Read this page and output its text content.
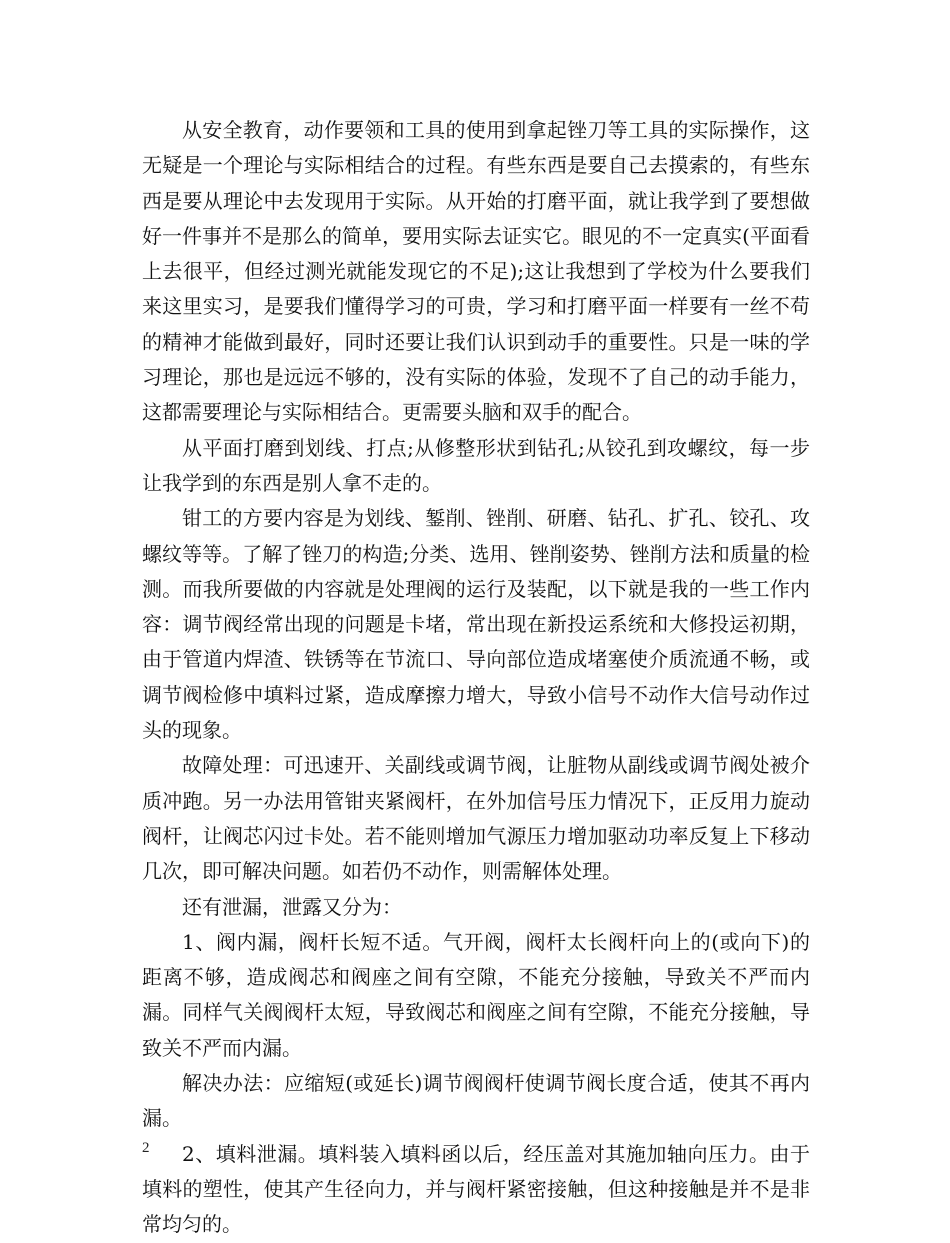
从安全教育，动作要领和工具的使用到拿起锉刀等工具的实际操作，这无疑是一个理论与实际相结合的过程。有些东西是要自己去摸索的，有些东西是要从理论中去发现用于实际。从开始的打磨平面，就让我学到了要想做好一件事并不是那么的简单，要用实际去证实它。眼见的不一定真实(平面看上去很平，但经过测光就能发现它的不足);这让我想到了学校为什么要我们来这里实习，是要我们懂得学习的可贵，学习和打磨平面一样要有一丝不苟的精神才能做到最好，同时还要让我们认识到动手的重要性。只是一味的学习理论，那也是远远不够的，没有实际的体验，发现不了自己的动手能力，这都需要理论与实际相结合。更需要头脑和双手的配合。

从平面打磨到划线、打点;从修整形状到钻孔;从铰孔到攻螺纹，每一步让我学到的东西是别人拿不走的。

钳工的方要内容是为划线、錾削、锉削、研磨、钻孔、扩孔、铰孔、攻螺纹等等。了解了锉刀的构造;分类、选用、锉削姿势、锉削方法和质量的检测。而我所要做的内容就是处理阀的运行及装配，以下就是我的一些工作内容：调节阀经常出现的问题是卡堵，常出现在新投运系统和大修投运初期，由于管道内焊渣、铁锈等在节流口、导向部位造成堵塞使介质流通不畅，或调节阀检修中填料过紧，造成摩擦力增大，导致小信号不动作大信号动作过头的现象。

故障处理：可迅速开、关副线或调节阀，让脏物从副线或调节阀处被介质冲跑。另一办法用管钳夹紧阀杆，在外加信号压力情况下，正反用力旋动阀杆，让阀芯闪过卡处。若不能则增加气源压力增加驱动功率反复上下移动几次，即可解决问题。如若仍不动作，则需解体处理。

还有泄漏，泄露又分为：

1、阀内漏，阀杆长短不适。气开阀，阀杆太长阀杆向上的(或向下)的距离不够，造成阀芯和阀座之间有空隙，不能充分接触，导致关不严而内漏。同样气关阀阀杆太短，导致阀芯和阀座之间有空隙，不能充分接触，导致关不严而内漏。

解决办法：应缩短(或延长)调节阀阀杆使调节阀长度合适，使其不再内漏。

2、填料泄漏。填料装入填料函以后，经压盖对其施加轴向压力。由于填料的塑性，使其产生径向力，并与阀杆紧密接触，但这种接触是并不是非常均匀的。

2
